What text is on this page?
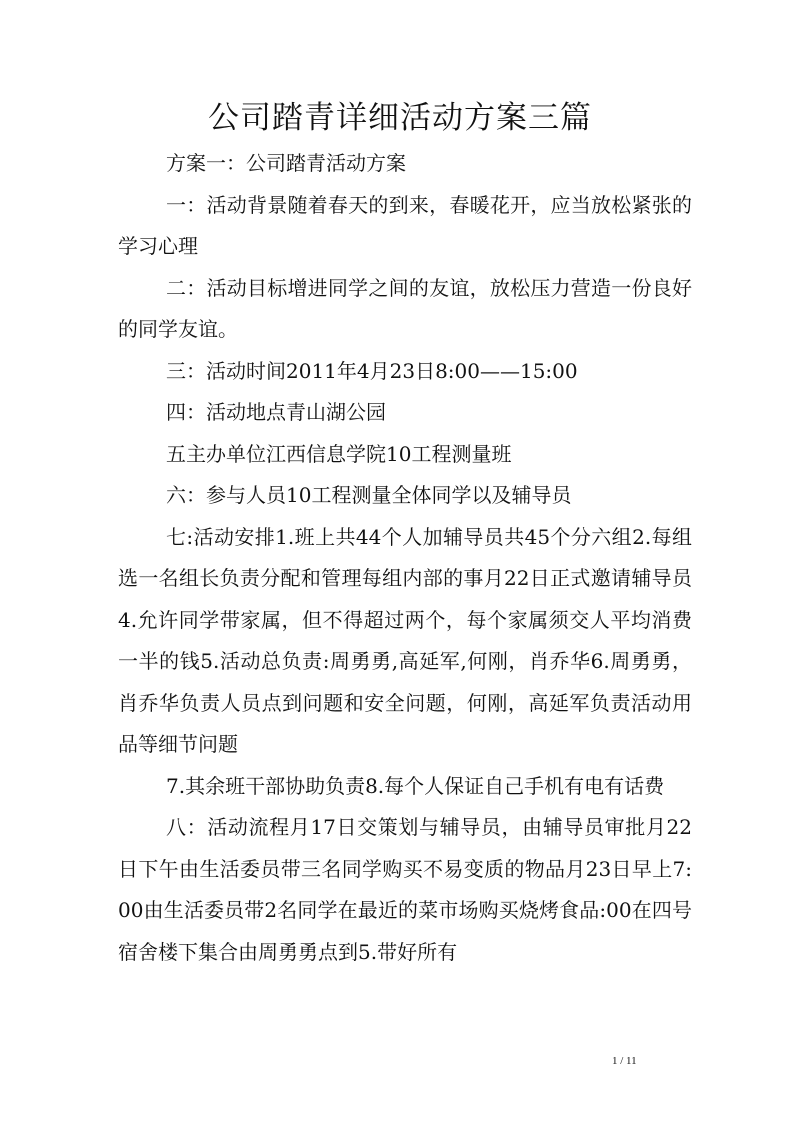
公司踏青详细活动方案三篇

方案一：公司踏青活动方案

一：活动背景随着春天的到来，春暖花开，应当放松紧张的学习心理

二：活动目标增进同学之间的友谊，放松压力营造一份良好的同学友谊。

三：活动时间2011年4月23日8:00——15:00

四：活动地点青山湖公园

五主办单位江西信息学院10工程测量班

六：参与人员10工程测量全体同学以及辅导员

七:活动安排1.班上共44个人加辅导员共45个分六组2.每组选一名组长负责分配和管理每组内部的事月22日正式邀请辅导员4.允许同学带家属，但不得超过两个，每个家属须交人平均消费一半的钱5.活动总负责:周勇勇,高延军,何刚，肖乔华6.周勇勇，肖乔华负责人员点到问题和安全问题，何刚，高延军负责活动用品等细节问题

7.其余班干部协助负责8.每个人保证自己手机有电有话费

八：活动流程月17日交策划与辅导员，由辅导员审批月22日下午由生活委员带三名同学购买不易变质的物品月23日早上7:00由生活委员带2名同学在最近的菜市场购买烧烤食品:00在四号宿舍楼下集合由周勇勇点到5.带好所有

1 / 11
